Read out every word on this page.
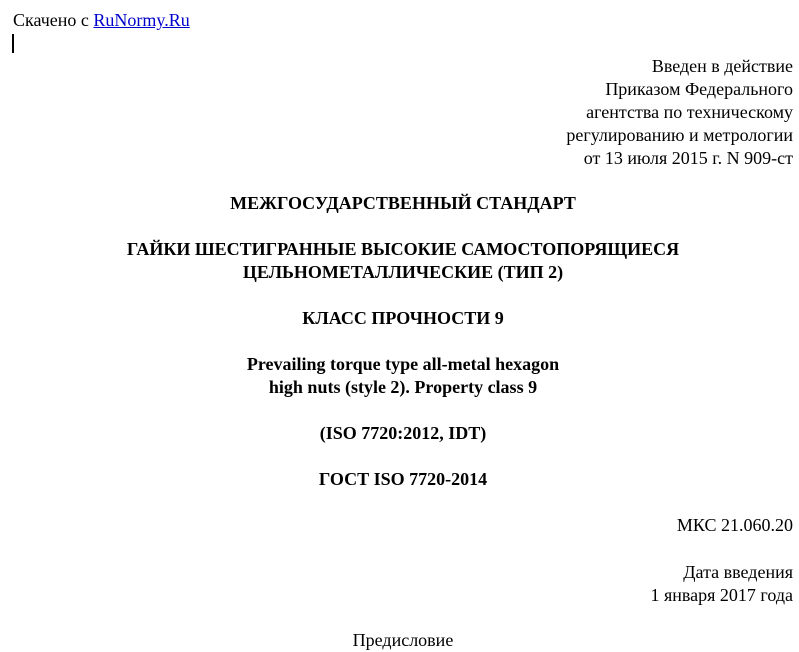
Скачено с RuNormy.Ru
Введен в действие
Приказом Федерального
агентства по техническому
регулированию и метрологии
от 13 июля 2015 г. N 909-ст
МЕЖГОСУДАРСТВЕННЫЙ СТАНДАРТ
ГАЙКИ ШЕСТИГРАННЫЕ ВЫСОКИЕ САМОСТОПОРЯЩИЕСЯ
ЦЕЛЬНОМЕТАЛЛИЧЕСКИЕ (ТИП 2)
КЛАСС ПРОЧНОСТИ 9
Prevailing torque type all-metal hexagon
high nuts (style 2). Property class 9
(ISO 7720:2012, IDT)
ГОСТ ISO 7720-2014
МКС 21.060.20
Дата введения
1 января 2017 года
Предисловие
